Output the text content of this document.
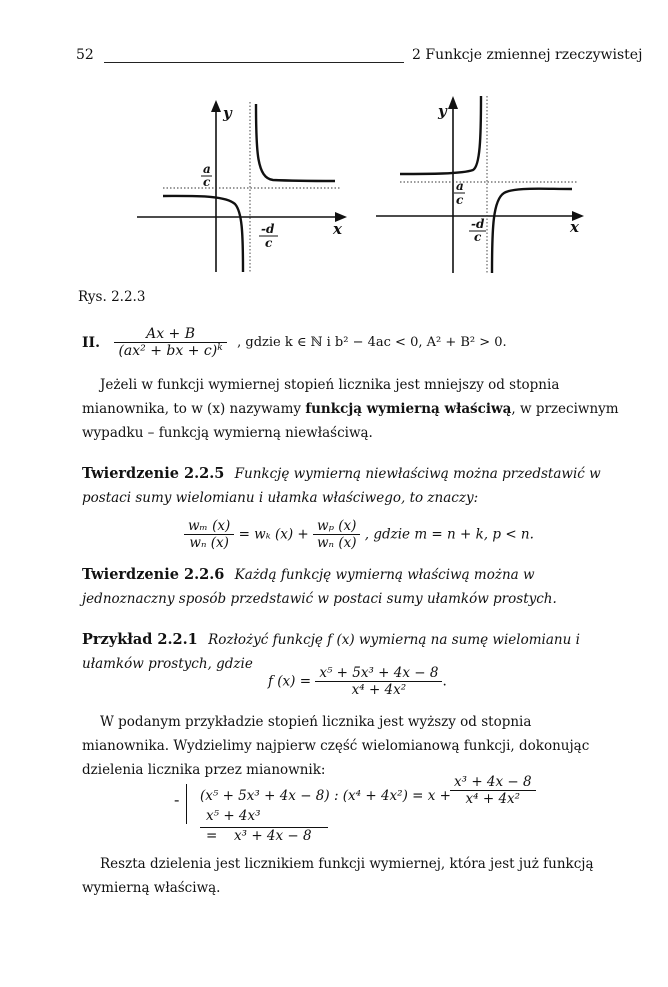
52	2 Funkcje zmiennej rzeczywistej
y
x
a
c
-d
c
y
x
a
c
-d
c
Rys. 2.2.3
II. $\frac{Ax + B}{(ax^2 + bx + c)^k}$ , gdzie k ∈ ℕ i b² − 4ac < 0, A² + B² > 0.
Jeżeli w funkcji wymiernej stopień licznika jest mniejszy od stopnia mianownika, to w (x) nazywamy funkcją wymierną właściwą, w przeciwnym wypadku – funkcją wymierną niewłaściwą.
Twierdzenie 2.2.5 Funkcję wymierną niewłaściwą można przedstawić w postaci sumy wielomianu i ułamka właściwego, to znaczy:
$\frac{\text{wₘ (x)}}{\text{wₙ (x)}} = w_k$ $(x) + \frac{\text{wₚ (x)}}{\text{wₙ (x)}}$ , gdzie m = n + k, p < n.
Twierdzenie 2.2.6 Każdą funkcję wymierną właściwą można w jednoznaczny sposób przedstawić w postaci sumy ułamków prostych.
Przykład 2.2.1 Rozłożyć funkcję f (x) wymierną na sumę wielomianu i ułamków prostych, gdzie
f $(x) = \frac{\text{x⁵ + 5x³ + 4x − 8}}{\text{x⁴ + 4x²}}$ .
W podanym przykładzie stopień licznika jest wyższy od stopnia mianownika. Wydzielimy najpierw część wielomianową funkcji, dokonując dzielenia licznika przez mianownik:
- (x⁵ + 5x³ + 4x − 8) : $(x^4 + 4x^2) = x + \frac{\text{x³ + 4x − 8}}{\text{x⁴ + 4x²}}$
x⁵ + 4x³
= x³ + 4x − 8
Reszta dzielenia jest licznikiem funkcji wymiernej, która jest już funkcją wymierną właściwą.
